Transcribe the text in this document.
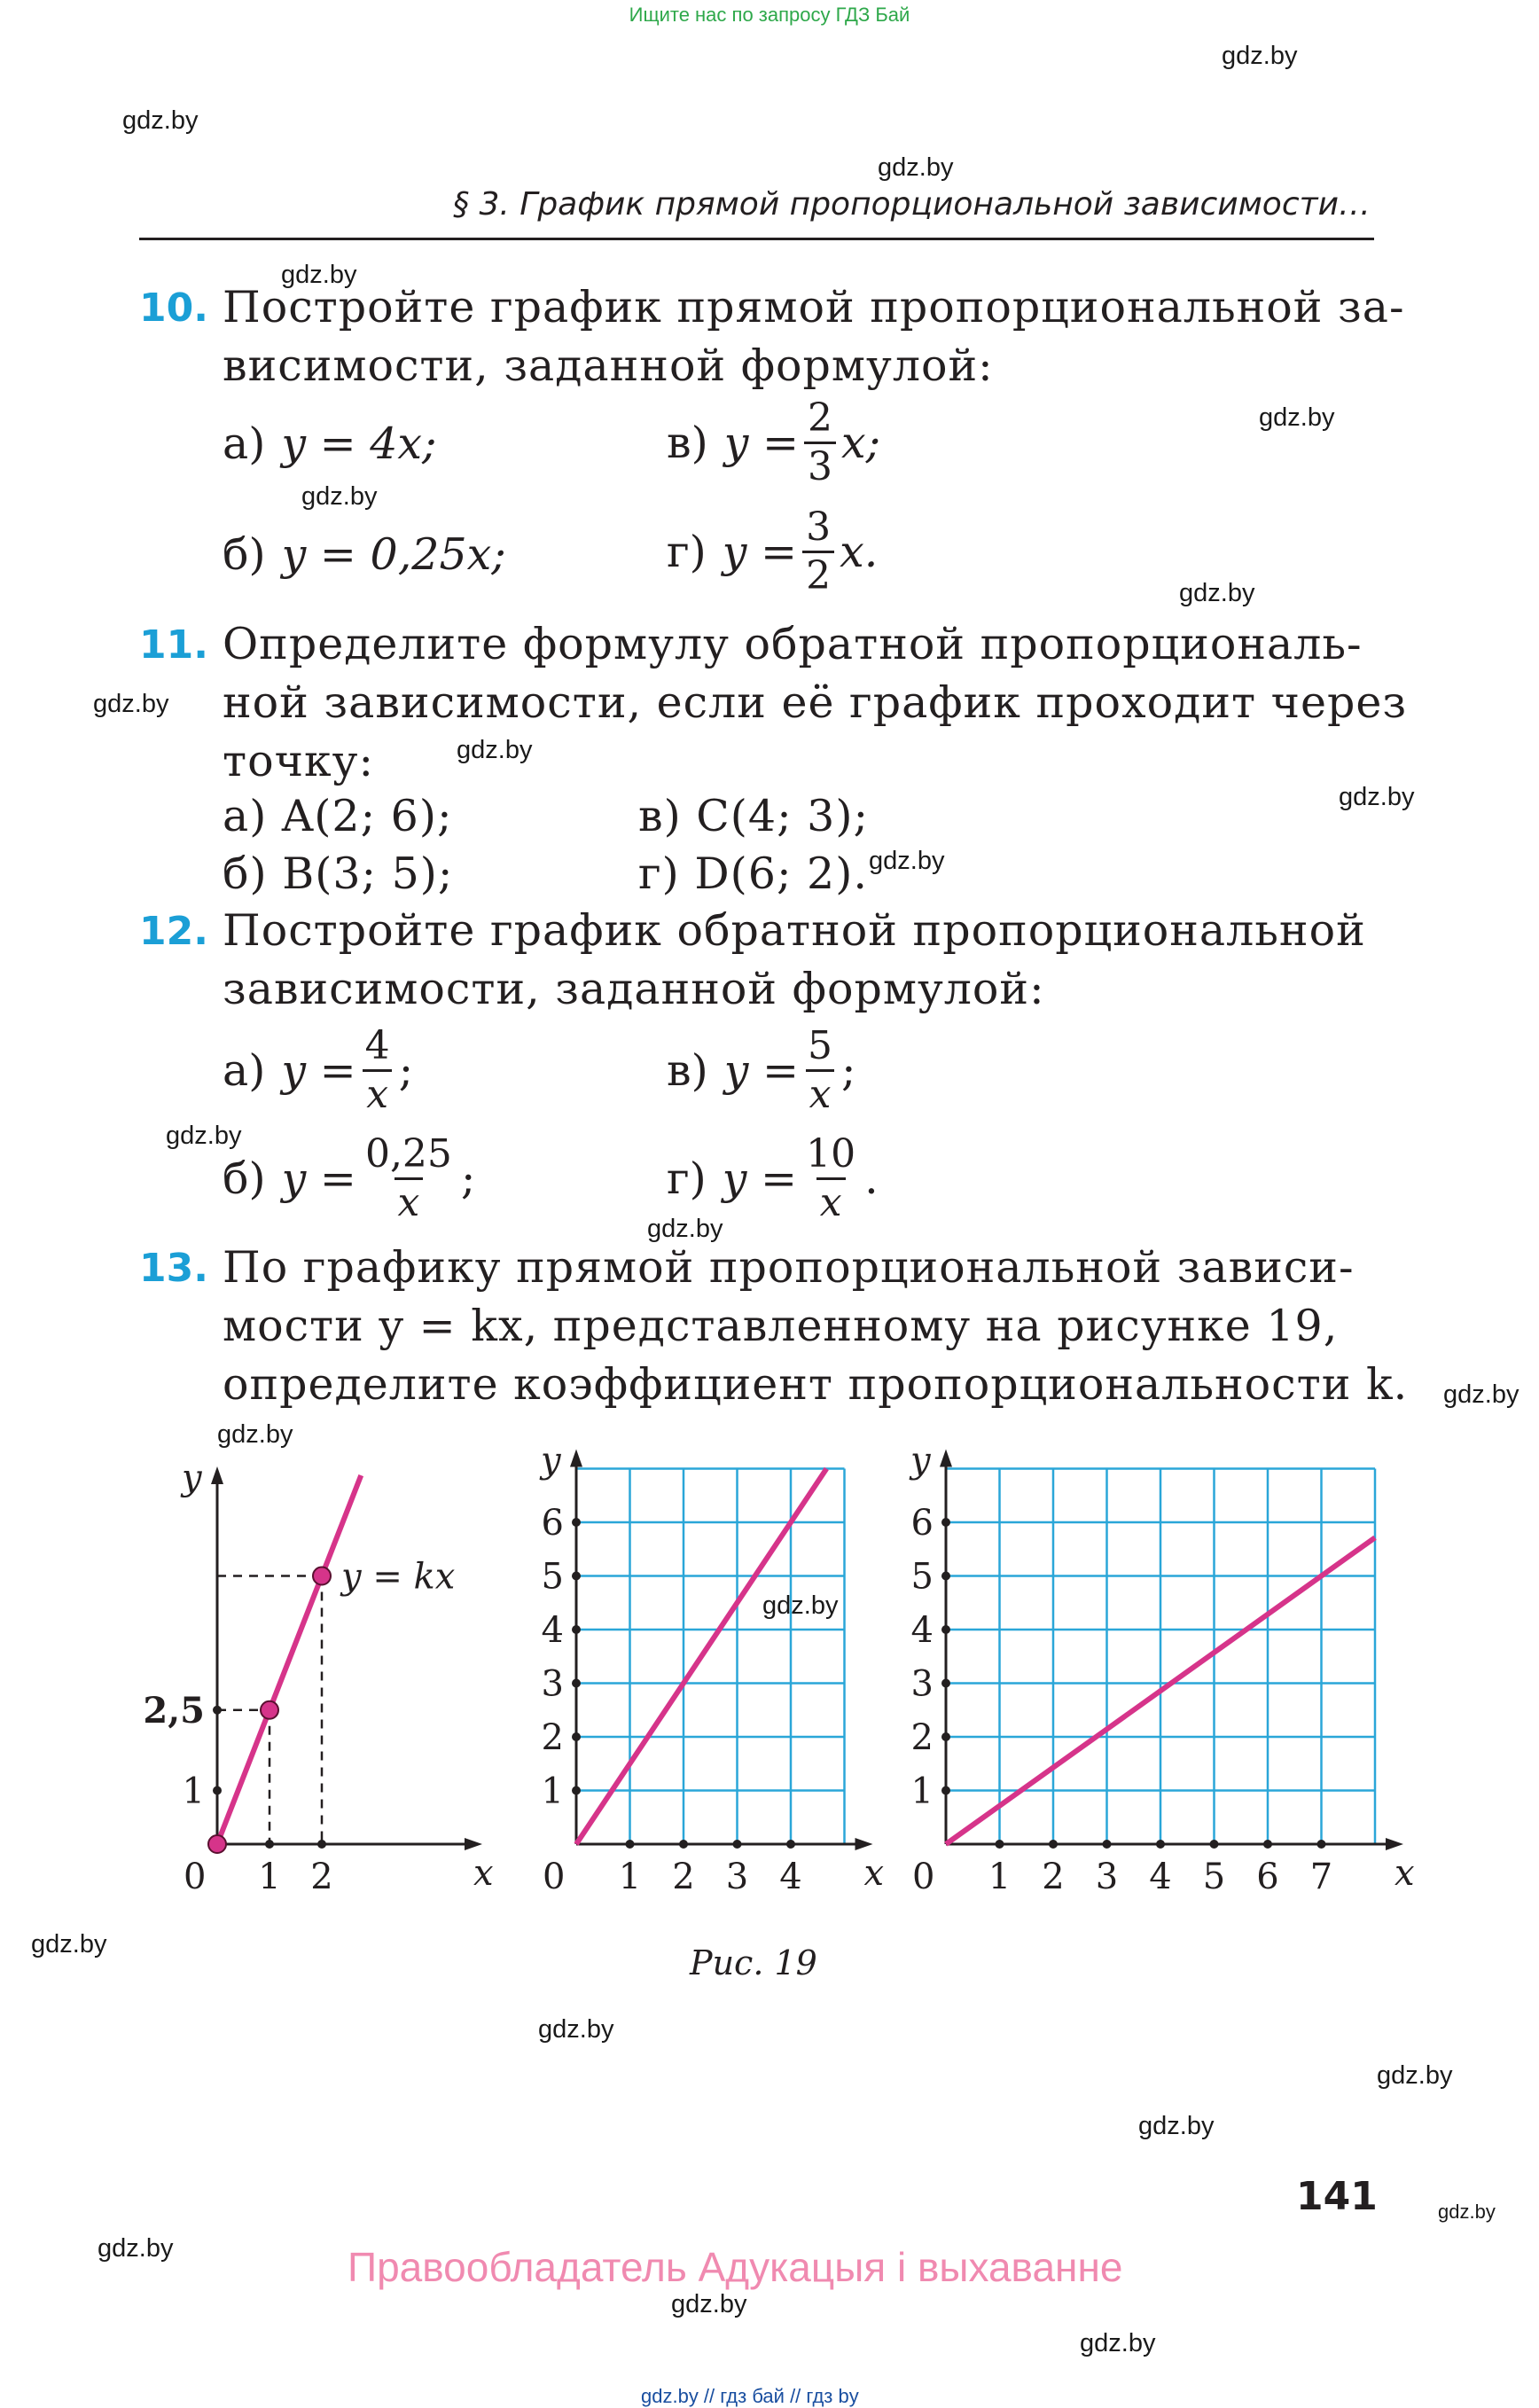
Ищите нас по запросу ГДЗ Бай
gdz.by
gdz.by
gdz.by
gdz.by
gdz.by
gdz.by
gdz.by
gdz.by
gdz.by
gdz.by
gdz.by
gdz.by
gdz.by
gdz.by
gdz.by
gdz.by
gdz.by
gdz.by
gdz.by
gdz.by
gdz.by
gdz.by
gdz.by
gdz.by
§ 3. График прямой пропорциональной зависимости…
10. Постройте график прямой пропорциональной за-
висимости, заданной формулой:
а) y = 4x;
б) y = 0,25x;
в) $y = \frac{2}{3} x$;
г) $y = \frac{3}{2} x$.
11. Определите формулу обратной пропорциональ-
ной зависимости, если её график проходит через
точку:
а) A(2; 6);
б) B(3; 5);
в) C(4; 3);
г) D(6; 2).
12. Постройте график обратной пропорциональной
зависимости, заданной формулой:
а) $y = \frac{4}{x}$ ;
б) $y = \frac{0,25}{x}$ ;
в) $y = \frac{5}{x}$ ;
г) $y = \frac{10}{x}$ .
13. По графику прямой пропорциональной зависи-
мости y = kx, представленному на рисунке 19,
определите коэффициент пропорциональности k.
x
y
0 1 2
1
2,5
y = kx
x
y
0 1 2 3 4
1
2
3
4
5
6
x
y
0 1 2 3 4 5 6 7
1
2
3
4
5
6
Рис. 19
141
Правообладатель Адукацыя і выхаванне
gdz.by // гдз бай // гдз by
